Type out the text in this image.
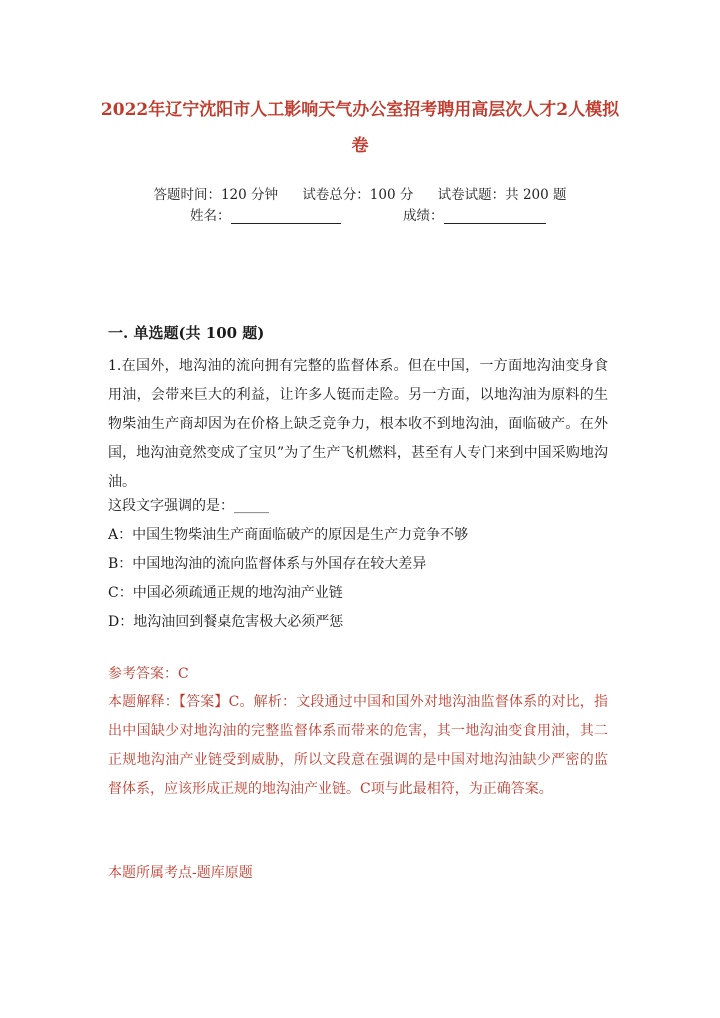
2022年辽宁沈阳市人工影响天气办公室招考聘用高层次人才2人模拟卷
答题时间：120 分钟 试卷总分：100 分 试卷试题：共 200 题
姓名：	成绩：
一. 单选题(共 100 题)
1.在国外，地沟油的流向拥有完整的监督体系。但在中国，一方面地沟油变身食用油，会带来巨大的利益，让许多人铤而走险。另一方面，以地沟油为原料的生物柴油生产商却因为在价格上缺乏竞争力，根本收不到地沟油，面临破产。在外国，地沟油竟然变成了宝贝”为了生产飞机燃料，甚至有人专门来到中国采购地沟油。
这段文字强调的是：_____
A：中国生物柴油生产商面临破产的原因是生产力竞争不够
B：中国地沟油的流向监督体系与外国存在较大差异
C：中国必须疏通正规的地沟油产业链
D：地沟油回到餐桌危害极大必须严惩
参考答案：C
本题解释：【答案】C。解析：文段通过中国和国外对地沟油监督体系的对比，指出中国缺少对地沟油的完整监督体系而带来的危害，其一地沟油变食用油，其二正规地沟油产业链受到威胁，所以文段意在强调的是中国对地沟油缺少严密的监督体系，应该形成正规的地沟油产业链。C项与此最相符，为正确答案。
本题所属考点-题库原题
